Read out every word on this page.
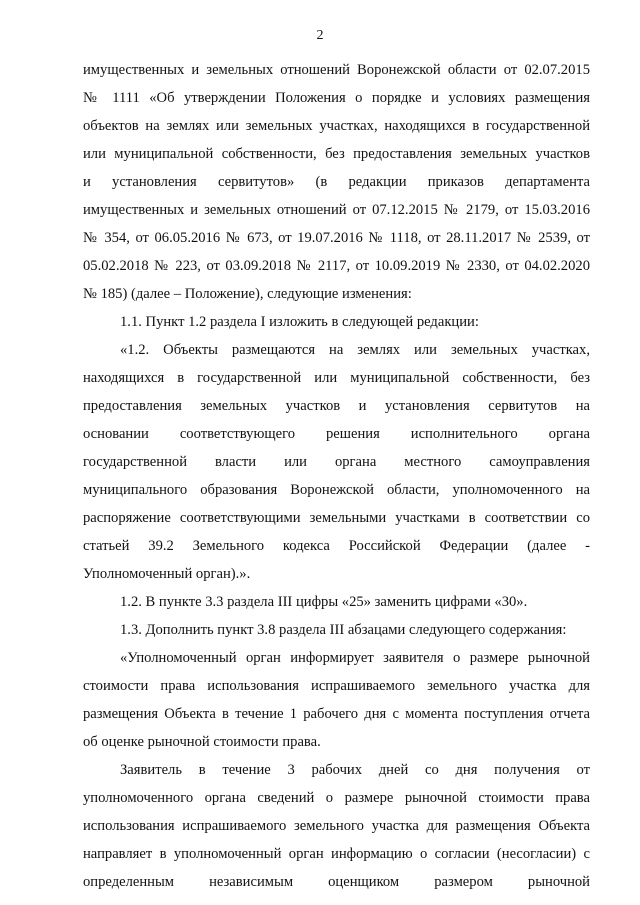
2
имущественных и земельных отношений Воронежской области от 02.07.2015
№ 1111 «Об утверждении Положения о порядке и условиях размещения
объектов на землях или земельных участках, находящихся в государственной
или муниципальной собственности, без предоставления земельных участков
и установления сервитутов» (в редакции приказов департамента
имущественных и земельных отношений от 07.12.2015 № 2179, от 15.03.2016
№ 354, от 06.05.2016 № 673, от 19.07.2016 № 1118, от 28.11.2017 № 2539, от
05.02.2018 № 223, от 03.09.2018 № 2117, от 10.09.2019 № 2330, от 04.02.2020
№ 185) (далее – Положение), следующие изменения:
1.1. Пункт 1.2 раздела I изложить в следующей редакции:
«1.2. Объекты размещаются на землях или земельных участках,
находящихся в государственной или муниципальной собственности, без
предоставления земельных участков и установления сервитутов на
основании соответствующего решения исполнительного органа
государственной власти или органа местного самоуправления
муниципального образования Воронежской области, уполномоченного на
распоряжение соответствующими земельными участками в соответствии со
статьей 39.2 Земельного кодекса Российской Федерации (далее -
Уполномоченный орган).».
1.2. В пункте 3.3 раздела III цифры «25» заменить цифрами «30».
1.3. Дополнить пункт 3.8 раздела III абзацами следующего содержания:
«Уполномоченный орган информирует заявителя о размере рыночной
стоимости права использования испрашиваемого земельного участка для
размещения Объекта в течение 1 рабочего дня с момента поступления отчета
об оценке рыночной стоимости права.
Заявитель в течение 3 рабочих дней со дня получения от
уполномоченного органа сведений о размере рыночной стоимости права
использования испрашиваемого земельного участка для размещения Объекта
направляет в уполномоченный орган информацию о согласии (несогласии) с
определенным независимым оценщиком размером рыночной
